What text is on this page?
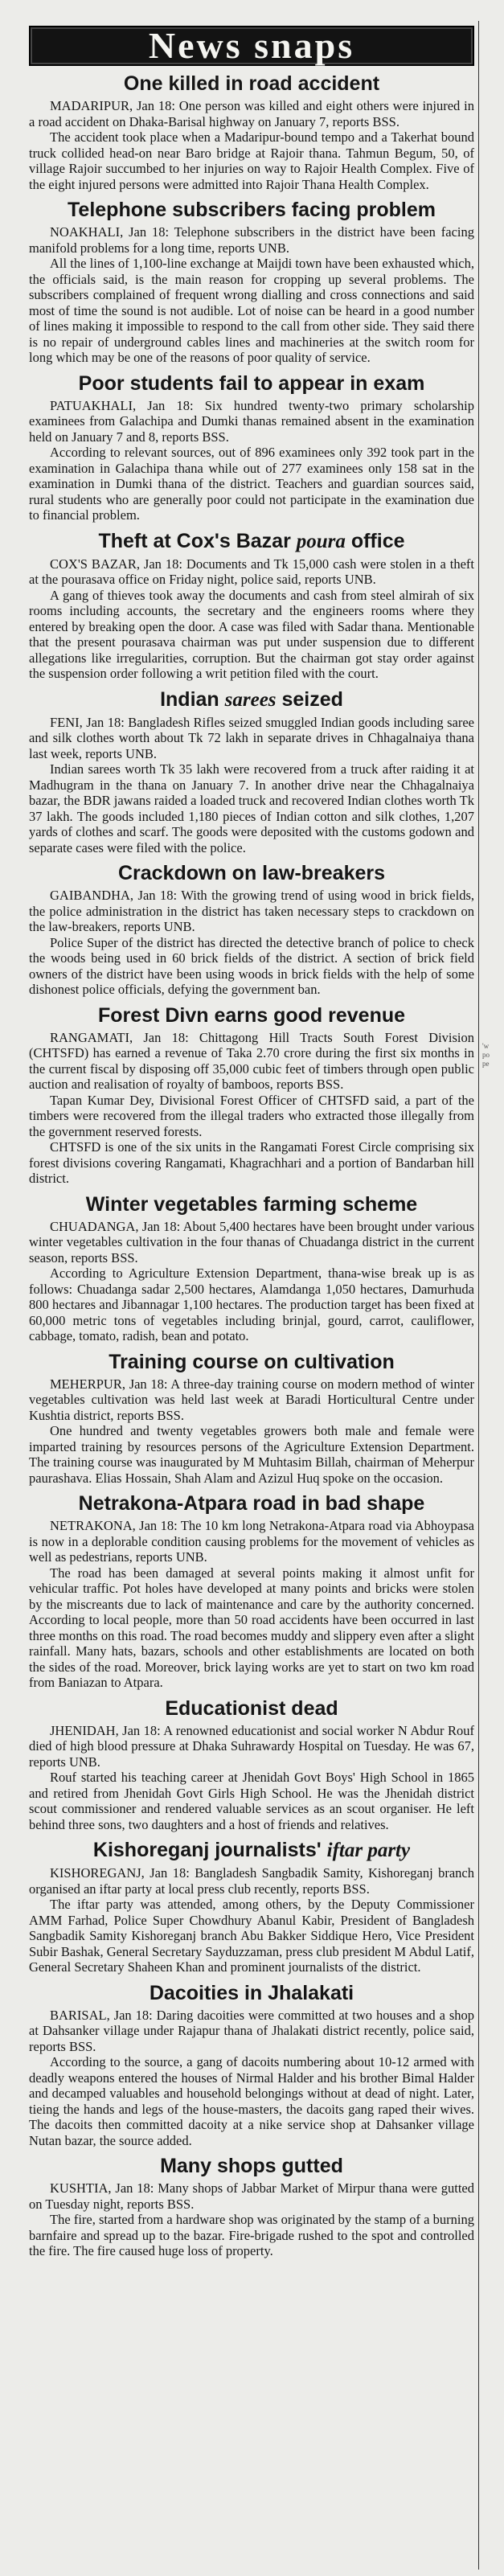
News snaps
One killed in road accident

MADARIPUR, Jan 18: One person was killed and eight others were injured in a road accident on Dhaka-Barisal highway on January 7, reports BSS.

The accident took place when a Madaripur-bound tempo and a Takerhat bound truck collided head-on near Baro bridge at Rajoir thana. Tahmun Begum, 50, of village Rajoir succumbed to her injuries on way to Rajoir Health Complex. Five of the eight injured persons were admitted into Rajoir Thana Health Complex.

Telephone subscribers facing problem

NOAKHALI, Jan 18: Telephone subscribers in the district have been facing manifold problems for a long time, reports UNB.

All the lines of 1,100-line exchange at Maijdi town have been exhausted which, the officials said, is the main reason for cropping up several problems. The subscribers complained of frequent wrong dialling and cross connections and said most of time the sound is not audible. Lot of noise can be heard in a good number of lines making it impossible to respond to the call from other side. They said there is no repair of underground cables lines and machineries at the switch room for long which may be one of the reasons of poor quality of service.

Poor students fail to appear in exam

PATUAKHALI, Jan 18: Six hundred twenty-two primary scholarship examinees from Galachipa and Dumki thanas remained absent in the examination held on January 7 and 8, reports BSS.

According to relevant sources, out of 896 examinees only 392 took part in the examination in Galachipa thana while out of 277 examinees only 158 sat in the examination in Dumki thana of the district. Teachers and guardian sources said, rural students who are generally poor could not participate in the examination due to financial problem.

Theft at Cox's Bazar poura office

COX'S BAZAR, Jan 18: Documents and Tk 15,000 cash were stolen in a theft at the pourasava office on Friday night, police said, reports UNB.

A gang of thieves took away the documents and cash from steel almirah of six rooms including accounts, the secretary and the engineers rooms where they entered by breaking open the door. A case was filed with Sadar thana. Mentionable that the present pourasava chairman was put under suspension due to different allegations like irregularities, corruption. But the chairman got stay order against the suspension order following a writ petition filed with the court.

Indian sarees seized

FENI, Jan 18: Bangladesh Rifles seized smuggled Indian goods including saree and silk clothes worth about Tk 72 lakh in separate drives in Chhagalnaiya thana last week, reports UNB.

Indian sarees worth Tk 35 lakh were recovered from a truck after raiding it at Madhugram in the thana on January 7. In another drive near the Chhagalnaiya bazar, the BDR jawans raided a loaded truck and recovered Indian clothes worth Tk 37 lakh. The goods included 1,180 pieces of Indian cotton and silk clothes, 1,207 yards of clothes and scarf. The goods were deposited with the customs godown and separate cases were filed with the police.

Crackdown on law-breakers

GAIBANDHA, Jan 18: With the growing trend of using wood in brick fields, the police administration in the district has taken necessary steps to crackdown on the law-breakers, reports UNB.

Police Super of the district has directed the detective branch of police to check the woods being used in 60 brick fields of the district. A section of brick field owners of the district have been using woods in brick fields with the help of some dishonest police officials, defying the government ban.

Forest Divn earns good revenue

RANGAMATI, Jan 18: Chittagong Hill Tracts South Forest Division (CHTSFD) has earned a revenue of Taka 2.70 crore during the first six months in the current fiscal by disposing off 35,000 cubic feet of timbers through open public auction and realisation of royalty of bamboos, reports BSS.

Tapan Kumar Dey, Divisional Forest Officer of CHTSFD said, a part of the timbers were recovered from the illegal traders who extracted those illegally from the government reserved forests.

CHTSFD is one of the six units in the Rangamati Forest Circle comprising six forest divisions covering Rangamati, Khagrachhari and a portion of Bandarban hill district.

Winter vegetables farming scheme

CHUADANGA, Jan 18: About 5,400 hectares have been brought under various winter vegetables cultivation in the four thanas of Chuadanga district in the current season, reports BSS.

According to Agriculture Extension Department, thana-wise break up is as follows: Chuadanga sadar 2,500 hectares, Alamdanga 1,050 hectares, Damurhuda 800 hectares and Jibannagar 1,100 hectares. The production target has been fixed at 60,000 metric tons of vegetables including brinjal, gourd, carrot, cauliflower, cabbage, tomato, radish, bean and potato.

Training course on cultivation

MEHERPUR, Jan 18: A three-day training course on modern method of winter vegetables cultivation was held last week at Baradi Horticultural Centre under Kushtia district, reports BSS.

One hundred and twenty vegetables growers both male and female were imparted training by resources persons of the Agriculture Extension Department. The training course was inaugurated by M Muhtasim Billah, chairman of Meherpur paurashava. Elias Hossain, Shah Alam and Azizul Huq spoke on the occasion.

Netrakona-Atpara road in bad shape

NETRAKONA, Jan 18: The 10 km long Netrakona-Atpara road via Abhoypasa is now in a deplorable condition causing problems for the movement of vehicles as well as pedestrians, reports UNB.

The road has been damaged at several points making it almost unfit for vehicular traffic. Pot holes have developed at many points and bricks were stolen by the miscreants due to lack of maintenance and care by the authority concerned. According to local people, more than 50 road accidents have been occurred in last three months on this road. The road becomes muddy and slippery even after a slight rainfall. Many hats, bazars, schools and other establishments are located on both the sides of the road. Moreover, brick laying works are yet to start on two km road from Baniazan to Atpara.

Educationist dead

JHENIDAH, Jan 18: A renowned educationist and social worker N Abdur Rouf died of high blood pressure at Dhaka Suhrawardy Hospital on Tuesday. He was 67, reports UNB.

Rouf started his teaching career at Jhenidah Govt Boys' High School in 1865 and retired from Jhenidah Govt Girls High School. He was the Jhenidah district scout commissioner and rendered valuable services as an scout organiser. He left behind three sons, two daughters and a host of friends and relatives.

Kishoreganj journalists' iftar party

KISHOREGANJ, Jan 18: Bangladesh Sangbadik Samity, Kishoreganj branch organised an iftar party at local press club recently, reports BSS.

The iftar party was attended, among others, by the Deputy Commissioner AMM Farhad, Police Super Chowdhury Abanul Kabir, President of Bangladesh Sangbadik Samity Kishoreganj branch Abu Bakker Siddique Hero, Vice President Subir Bashak, General Secretary Sayduzzaman, press club president M Abdul Latif, General Secretary Shaheen Khan and prominent journalists of the district.

Dacoities in Jhalakati

BARISAL, Jan 18: Daring dacoities were committed at two houses and a shop at Dahsanker village under Rajapur thana of Jhalakati district recently, police said, reports BSS.

According to the source, a gang of dacoits numbering about 10-12 armed with deadly weapons entered the houses of Nirmal Halder and his brother Bimal Halder and decamped valuables and household belongings without at dead of night. Later, tieing the hands and legs of the house-masters, the dacoits gang raped their wives. The dacoits then committed dacoity at a nike service shop at Dahsanker village Nutan bazar, the source added.

Many shops gutted

KUSHTIA, Jan 18: Many shops of Jabbar Market of Mirpur thana were gutted on Tuesday night, reports BSS.

The fire, started from a hardware shop was originated by the stamp of a burning barnfaire and spread up to the bazar. Fire-brigade rushed to the spot and controlled the fire. The fire caused huge loss of property.

'w
po
pe
